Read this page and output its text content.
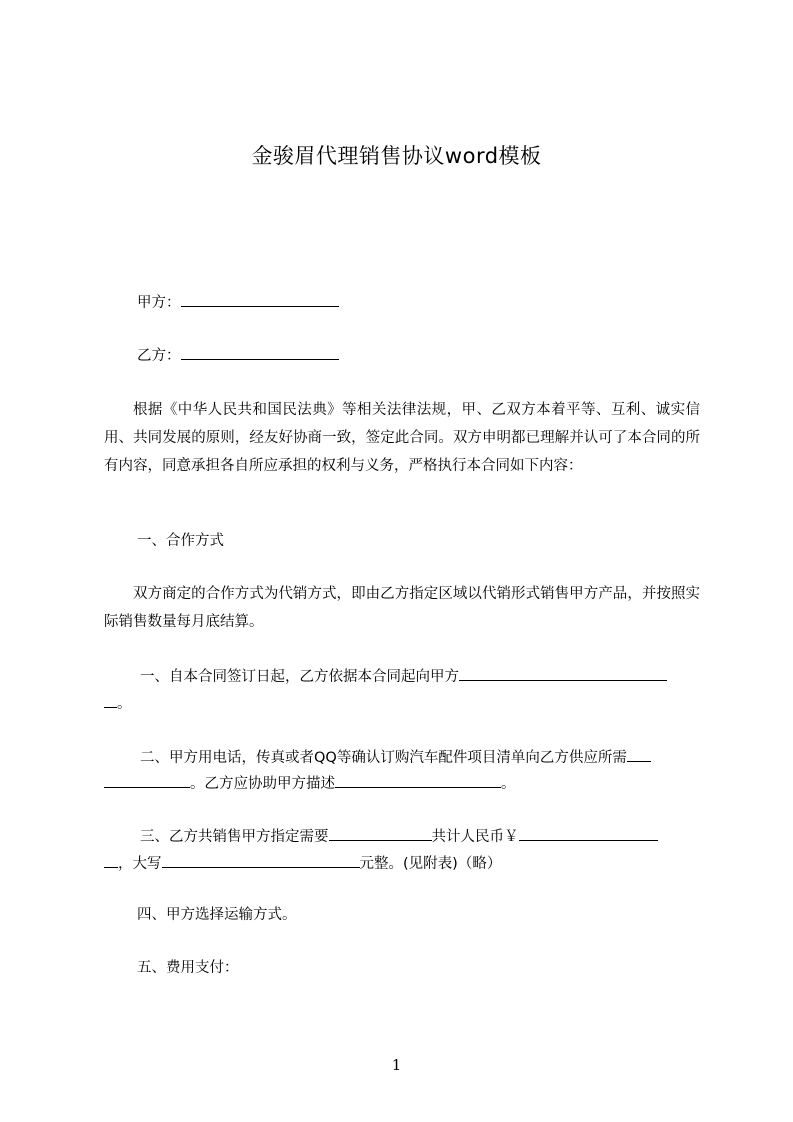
金骏眉代理销售协议word模板
甲方：
乙方：
根据《中华人民共和国民法典》等相关法律法规，甲、乙双方本着平等、互利、诚实信用、共同发展的原则，经友好协商一致，签定此合同。双方申明都已理解并认可了本合同的所有内容，同意承担各自所应承担的权利与义务，严格执行本合同如下内容：
一、合作方式
双方商定的合作方式为代销方式，即由乙方指定区域以代销形式销售甲方产品，并按照实际销售数量每月底结算。
一、自本合同签订日起，乙方依据本合同起向甲方
。
二、甲方用电话，传真或者QQ等确认订购汽车配件项目清单向乙方供应所需
。乙方应协助甲方描述	。
三、乙方共销售甲方指定需要	共计人民币￥
，大写	元整。(见附表)（略）
四、甲方选择运输方式。
五、费用支付：
1
